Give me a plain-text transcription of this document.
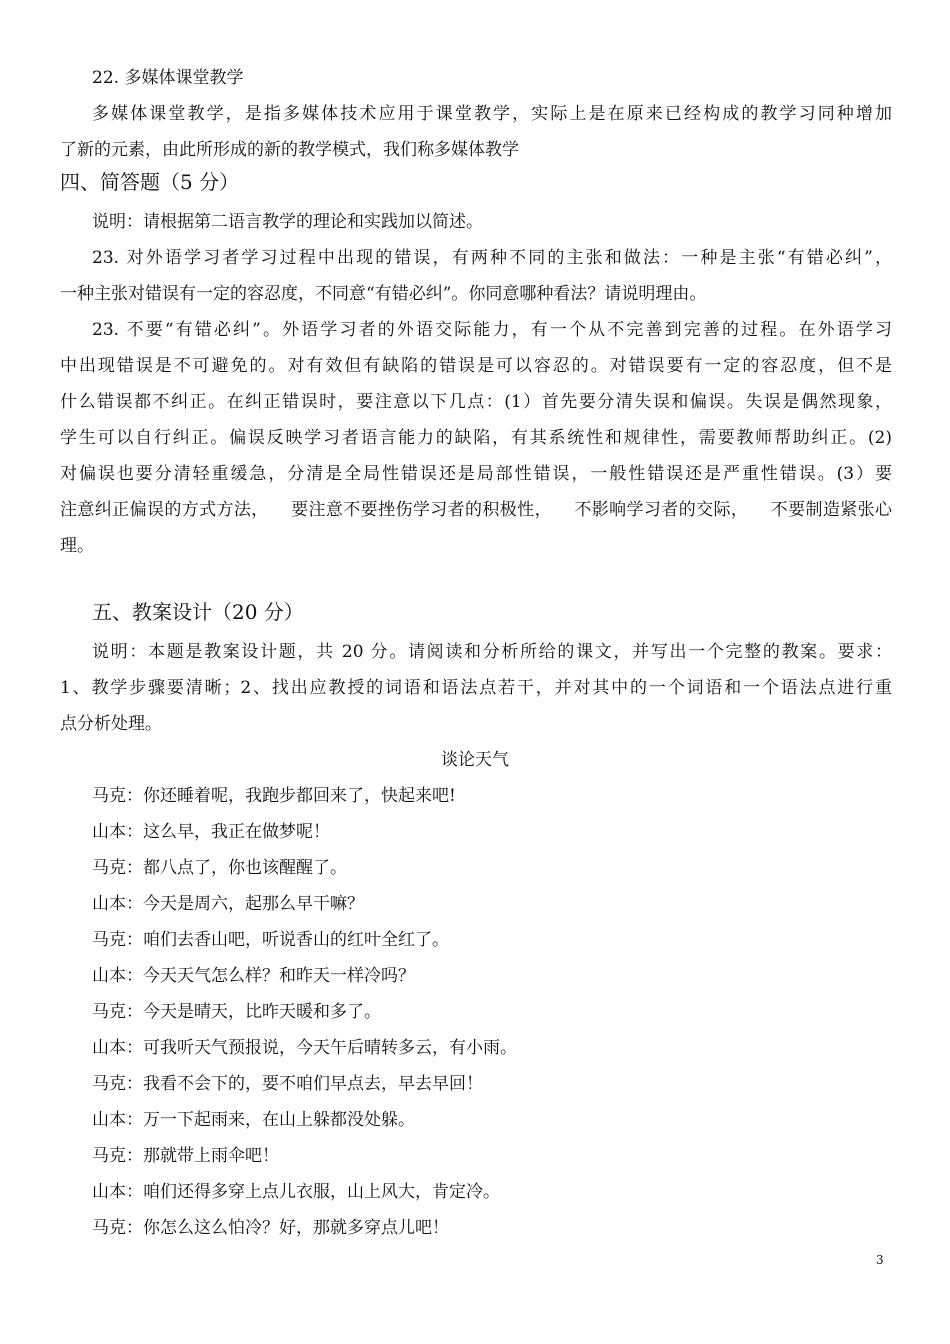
22. 多媒体课堂教学
多媒体课堂教学，是指多媒体技术应用于课堂教学，实际上是在原来已经构成的教学习同种增加
了新的元素，由此所形成的新的教学模式，我们称多媒体教学
四、简答题（5 分）
说明：请根据第二语言教学的理论和实践加以简述。
23. 对外语学习者学习过程中出现的错误，有两种不同的主张和做法：一种是主张“有错必纠”，
一种主张对错误有一定的容忍度，不同意“有错必纠”。你同意哪种看法？请说明理由。
23. 不要“有错必纠”。外语学习者的外语交际能力，有一个从不完善到完善的过程。在外语学习
中出现错误是不可避免的。对有效但有缺陷的错误是可以容忍的。对错误要有一定的容忍度，但不是
什么错误都不纠正。在纠正错误时，要注意以下几点：(1）首先要分清失误和偏误。失误是偶然现象，
学生可以自行纠正。偏误反映学习者语言能力的缺陷，有其系统性和规律性，需要教师帮助纠正。(2)
对偏误也要分清轻重缓急，分清是全局性错误还是局部性错误，一般性错误还是严重性错误。(3）要
注意纠正偏误的方式方法， 要注意不要挫伤学习者的积极性， 不影响学习者的交际， 不要制造紧张心
理。
五、教案设计（20 分）
说明：本题是教案设计题，共 20 分。请阅读和分析所给的课文，并写出一个完整的教案。要求：
1、教学步骤要清晰；2、找出应教授的词语和语法点若干，并对其中的一个词语和一个语法点进行重
点分析处理。
谈论天气
马克：你还睡着呢，我跑步都回来了，快起来吧!
山本：这么早，我正在做梦呢！
马克：都八点了，你也该醒醒了。
山本：今天是周六，起那么早干嘛？
马克：咱们去香山吧，听说香山的红叶全红了。
山本：今天天气怎么样？和昨天一样冷吗？
马克：今天是晴天，比昨天暖和多了。
山本：可我听天气预报说，今天午后晴转多云，有小雨。
马克：我看不会下的，要不咱们早点去，早去早回！
山本：万一下起雨来，在山上躲都没处躲。
马克：那就带上雨伞吧！
山本：咱们还得多穿上点儿衣服，山上风大，肯定冷。
马克：你怎么这么怕冷？好，那就多穿点儿吧！
3
